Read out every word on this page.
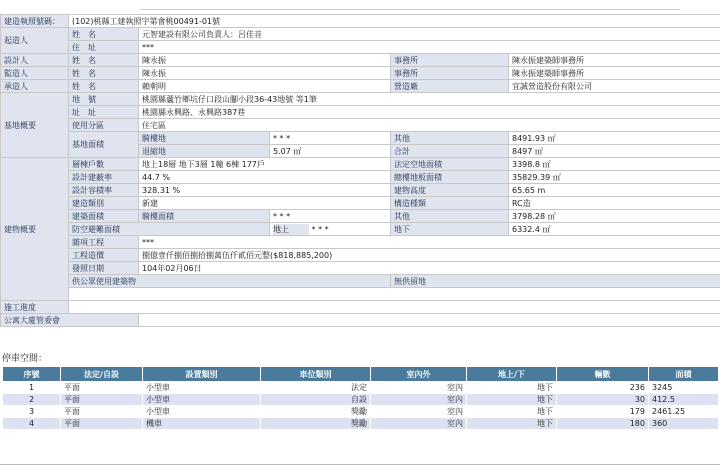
建造執照號碼：	(102)桃縣工建執照字第會桃00491-01號				
起造人	姓　名	元智建設有限公司負責人：呂佳音			
	住　址	***			
設計人	姓　名	陳永振		事務所	陳永振建築師事務所
監造人	姓　名	陳永振		事務所	陳永振建築師事務所
承造人	姓　名	賴朝明		營造廠	宜誠營造股份有限公司
基地概要	地　號	桃園縣蘆竹鄉坑仔口段山腳小段36-43地號 等1筆			
	址　址	桃園縣永興路、永興路387巷			
	使用分區	住宅區			
	基地面積	騎樓地	* * *	其他	8491.93 ㎡
		退縮地	5.07 ㎡	合計	8497 ㎡
建物概要	層棟戶數	地上18層 地下3層 1幢 6棟 177戶		法定空地面積	3398.8 ㎡
	設計建蔽率	44.7 %		總樓地板面積	35829.39 ㎡
	設計容積率	328.31 %		建物高度	65.65 m
	建造類別	新建		構造種類	RC造
	建築面積	騎樓面積	* * *	其他	3798.28 ㎡
	防空避難面積		地上 * * *	地下	6332.4 ㎡
	雜項工程	***			
	工程造價	捌億壹仟捌佰捌拾捌萬伍仟貳佰元整($818,885,200)			
	發照日期	104年02月06日			
	供公眾使用建築物			無供留地	

施工進度					
公寓大廈管委會					
停車空間：
序號	法定/自設	設置類別	車位類別	室內外	地上/下	輛數	面積
1	平面	小型車	法定	室內	地下	236	3245
2	平面	小型車	自設	室內	地下	30	412.5
3	平面	小型車	獎勵	室內	地下	179	2461.25
4	平面	機車	獎勵	室內	地下	180	360
